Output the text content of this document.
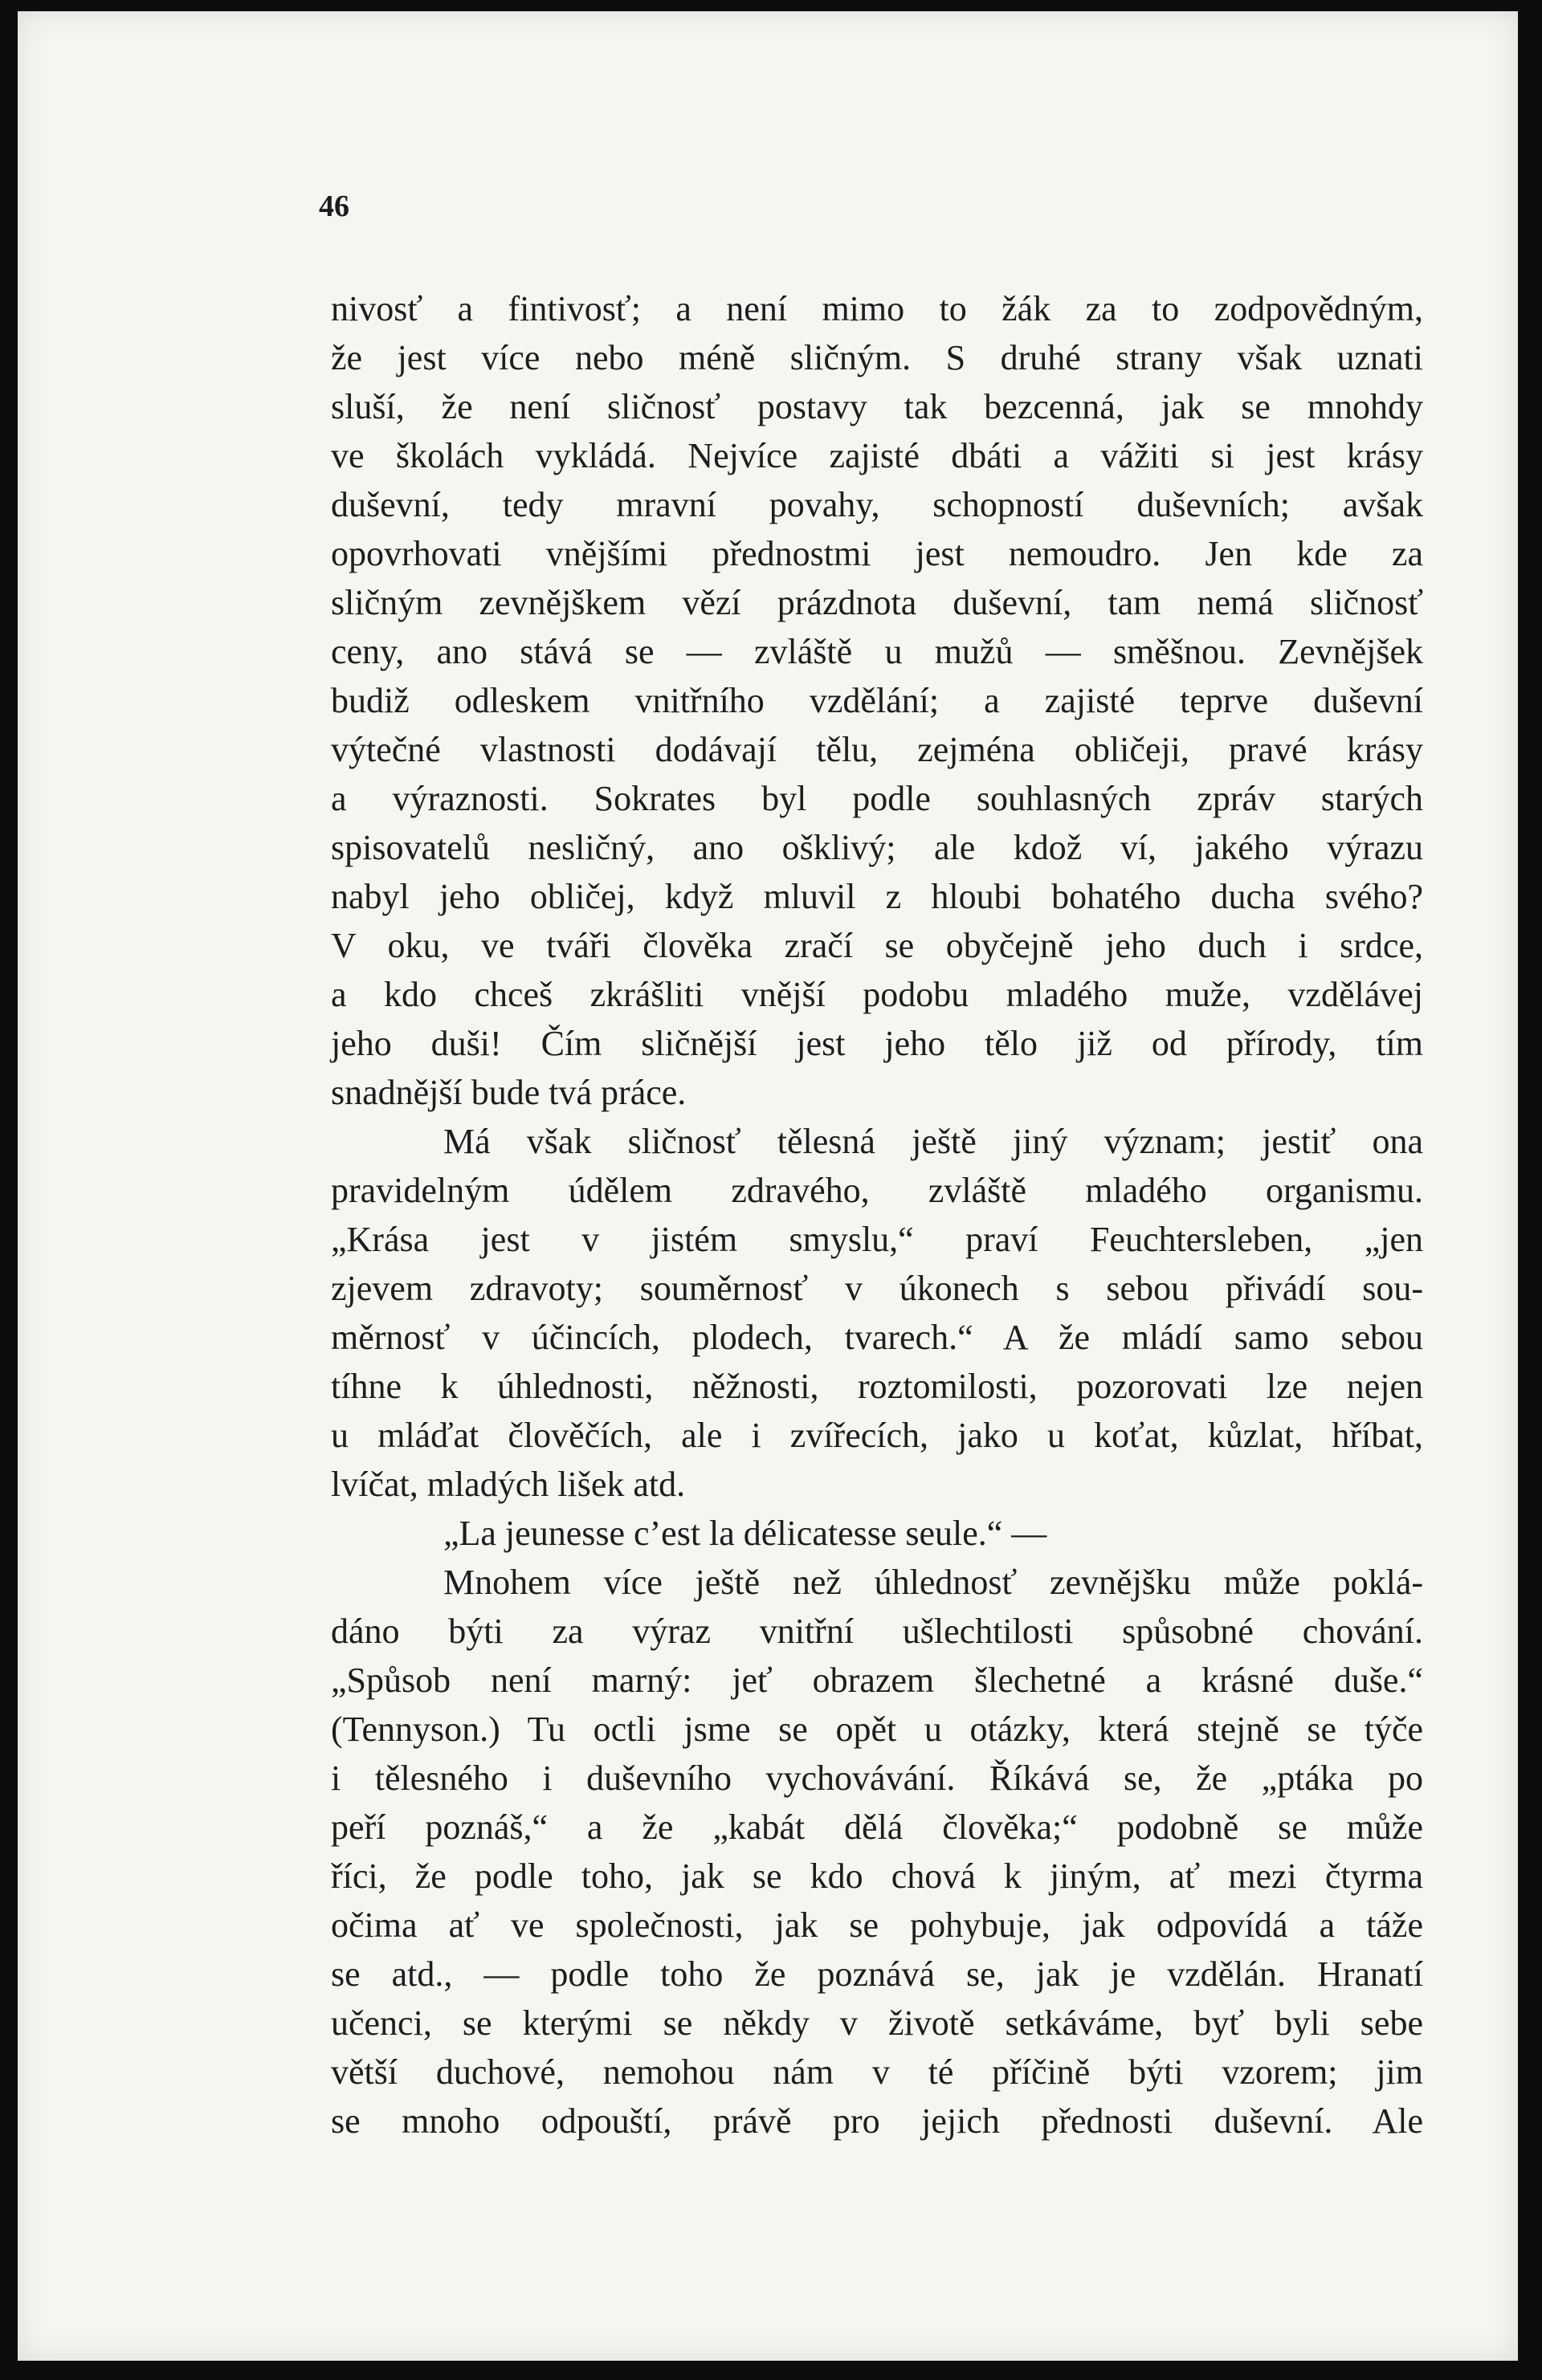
46
nivosť a fintivosť; a není mimo to žák za to zodpovědným,
že jest více nebo méně sličným. S druhé strany však uznati
sluší, že není sličnosť postavy tak bezcenná, jak se mnohdy
ve školách vykládá. Nejvíce zajisté dbáti a vážiti si jest krásy
duševní, tedy mravní povahy, schopností duševních; avšak
opovrhovati vnějšími přednostmi jest nemoudro. Jen kde za
sličným zevnějškem vězí prázdnota duševní, tam nemá sličnosť
ceny, ano stává se — zvláště u mužů — směšnou. Zevnějšek
budiž odleskem vnitřního vzdělání; a zajisté teprve duševní
výtečné vlastnosti dodávají tělu, zejména obličeji, pravé krásy
a výraznosti. Sokrates byl podle souhlasných zpráv starých
spisovatelů nesličný, ano ošklivý; ale kdož ví, jakého výrazu
nabyl jeho obličej, když mluvil z hloubi bohatého ducha svého?
V oku, ve tváři člověka zračí se obyčejně jeho duch i srdce,
a kdo chceš zkrášliti vnější podobu mladého muže, vzdělávej
jeho duši! Čím sličnější jest jeho tělo již od přírody, tím
snadnější bude tvá práce.
Má však sličnosť tělesná ještě jiný význam; jestiť ona
pravidelným údělem zdravého, zvláště mladého organismu.
„Krása jest v jistém smyslu,“ praví Feuchtersleben, „jen
zjevem zdravoty; souměrnosť v úkonech s sebou přivádí sou-
měrnosť v účincích, plodech, tvarech.“ A že mládí samo sebou
tíhne k úhlednosti, něžnosti, roztomilosti, pozorovati lze nejen
u mláďat člověčích, ale i zvířecích, jako u koťat, kůzlat, hříbat,
lvíčat, mladých lišek atd.
„La jeunesse c’est la délicatesse seule.“ —
Mnohem více ještě než úhlednosť zevnějšku může poklá-
dáno býti za výraz vnitřní ušlechtilosti spůsobné chování.
„Spůsob není marný: jeť obrazem šlechetné a krásné duše.“
(Tennyson.) Tu octli jsme se opět u otázky, která stejně se týče
i tělesného i duševního vychovávání. Říkává se, že „ptáka po
peří poznáš,“ a že „kabát dělá člověka;“ podobně se může
říci, že podle toho, jak se kdo chová k jiným, ať mezi čtyrma
očima ať ve společnosti, jak se pohybuje, jak odpovídá a táže
se atd., — podle toho že poznává se, jak je vzdělán. Hranatí
učenci, se kterými se někdy v životě setkáváme, byť byli sebe
větší duchové, nemohou nám v té příčině býti vzorem; jim
se mnoho odpouští, právě pro jejich přednosti duševní. Ale
